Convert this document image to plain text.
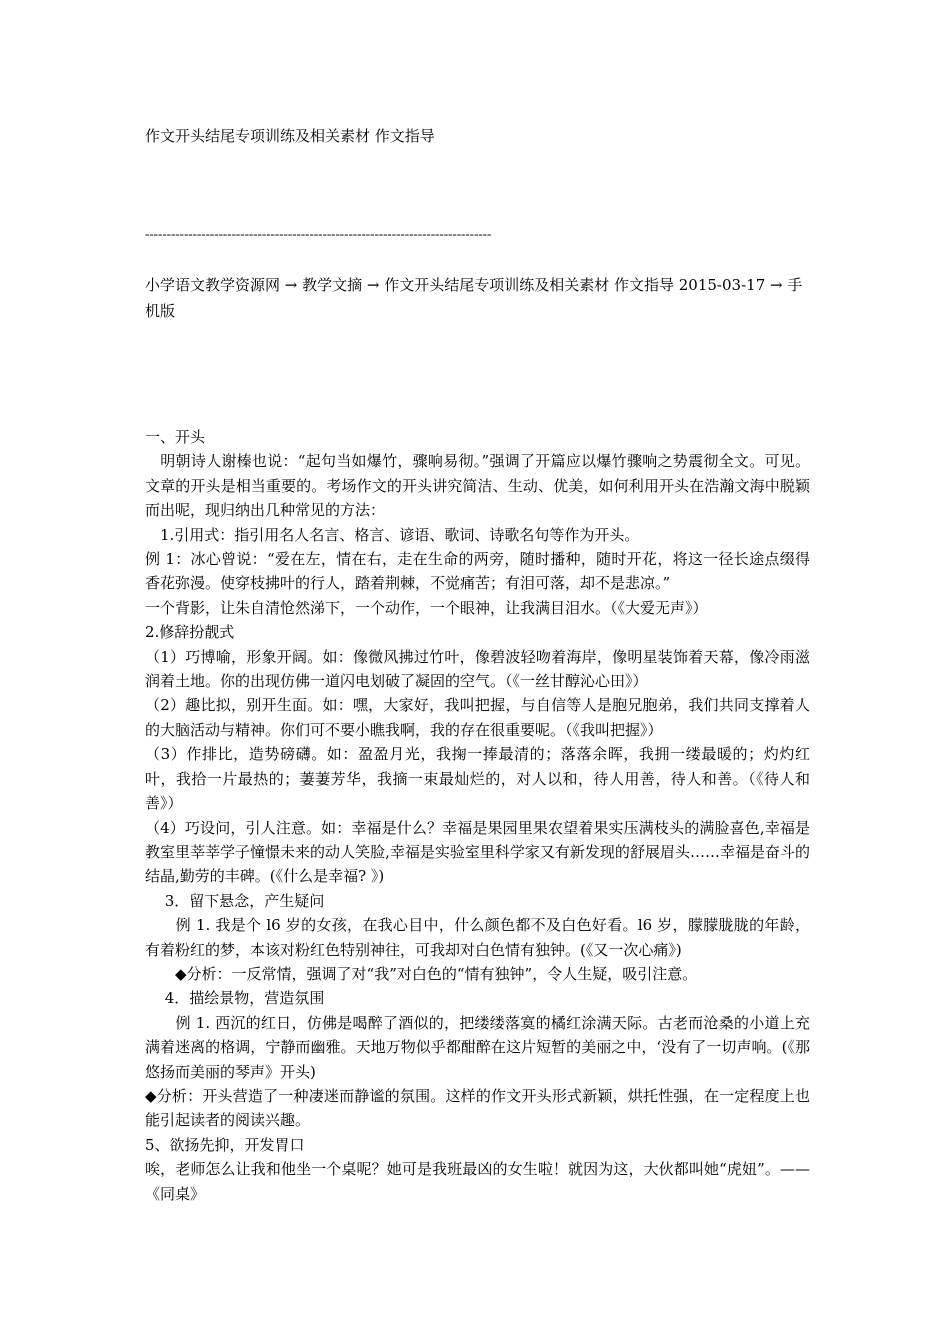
作文开头结尾专项训练及相关素材 作文指导
--------------------------------------------------------------------------------
小学语文教学资源网 → 教学文摘 → 作文开头结尾专项训练及相关素材 作文指导 2015-03-17 → 手机版

一、开头

　明朝诗人谢榛也说：“起句当如爆竹，骤响易彻。”强调了开篇应以爆竹骤响之势震彻全文。可见。文章的开头是相当重要的。考场作文的开头讲究简洁、生动、优美，如何利用开头在浩瀚文海中脱颖而出呢，现归纳出几种常见的方法：

　1.引用式：指引用名人名言、格言、谚语、歌词、诗歌名句等作为开头。

例 1：冰心曾说：“爱在左，情在右，走在生命的两旁，随时播种，随时开花，将这一径长途点缀得香花弥漫。使穿枝拂叶的行人，踏着荆棘，不觉痛苦；有泪可落，却不是悲凉。”

一个背影，让朱自清怆然涕下，一个动作，一个眼神，让我满目泪水。（《大爱无声》）

2.修辞扮靓式

（1）巧博喻，形象开阔。如：像微风拂过竹叶，像碧波轻吻着海岸，像明星装饰着天幕，像冷雨滋润着土地。你的出现仿佛一道闪电划破了凝固的空气。（《一丝甘醇沁心田》）

（2）趣比拟，别开生面。如：嘿，大家好，我叫把握，与自信等人是胞兄胞弟，我们共同支撑着人的大脑活动与精神。你们可不要小瞧我啊，我的存在很重要呢。（《我叫把握》）

（3）作排比，造势磅礴。如：盈盈月光，我掬一捧最清的；落落余晖，我拥一缕最暖的；灼灼红叶，我拾一片最热的；萋萋芳华，我摘一束最灿烂的，对人以和，待人用善，待人和善。（《待人和善》）

（4）巧设问，引人注意。如：幸福是什么？幸福是果园里果农望着果实压满枝头的满脸喜色,幸福是教室里莘莘学子憧憬未来的动人笑脸,幸福是实验室里科学家又有新发现的舒展眉头……幸福是奋斗的结晶,勤劳的丰碑。(《什么是幸福? 》)

　 3．留下悬念，产生疑问

　　例 1. 我是个 l6 岁的女孩，在我心目中，什么颜色都不及白色好看。l6 岁，朦朦胧胧的年龄，有着粉红的梦，本该对粉红色特别神往，可我却对白色情有独钟。(《又一次心痛》)

　　◆分析：一反常情，强调了对“我”对白色的“情有独钟”，令人生疑，吸引注意。

　 4．描绘景物，营造氛围

　　例 1. 西沉的红日，仿佛是喝醉了酒似的，把缕缕落寞的橘红涂满天际。古老而沧桑的小道上充满着迷离的格调，宁静而幽雅。天地万物似乎都酣醉在这片短暂的美丽之中，‘没有了一切声响。(《那悠扬而美丽的琴声》开头)

◆分析：开头营造了一种凄迷而静谧的氛围。这样的作文开头形式新颖，烘托性强，在一定程度上也能引起读者的阅读兴趣。

5、欲扬先抑，开发胃口

唉，老师怎么让我和他坐一个桌呢？她可是我班最凶的女生啦！就因为这，大伙都叫她“虎妞”。——《同桌》
